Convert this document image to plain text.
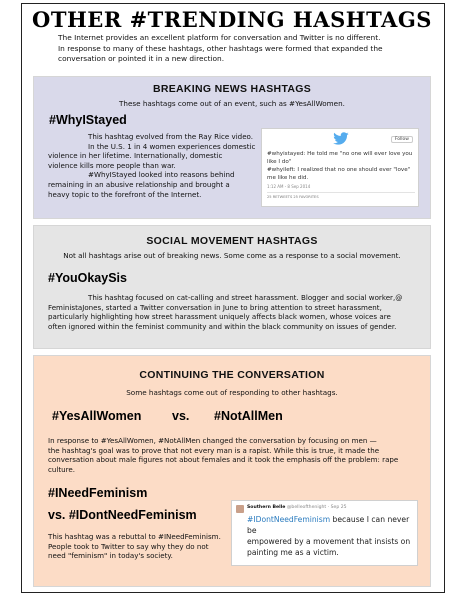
OTHER #TRENDING HASHTAGS

The Internet provides an excellent platform for conversation and Twitter is no different.

In response to many of these hashtags, other hashtags were formed that expanded the

conversation or pointed it in a new direction.

BREAKING NEWS HASHTAGS
These hashtags come out of an event, such as #YesAllWomen.
#WhyIStayed

This hashtag evolved from the Ray Rice video.

In the U.S. 1 in 4 women experiences domestic

violence in her lifetime. Internationally, domestic

violence kills more people than war.

#WhyIStayed looked into reasons behind

remaining in an abusive relationship and brought a

heavy topic to the forefront of the Internet.

Follow
#whyistayed: He told me "no one will ever love you like I do"
#whyileft: I realized that no one should ever "love" me like he did.
1:12 AM - 8 Sep 2014
25 RETWEETS 25 FAVORITES
SOCIAL MOVEMENT HASHTAGS
Not all hashtags arise out of breaking news. Some come as a response to a social movement.
#YouOkaySis

This hashtag focused on cat-calling and street harassment. Blogger and social worker,@

FeministaJones, started a Twitter conversation in June to bring attention to street harassment,

particularly highlighting how street harassment uniquely affects black women, whose voices are

often ignored within the feminist community and within the black community on issues of gender.

CONTINUING THE CONVERSATION
Some hashtags come out of responding to other hashtags.
#YesAllWomen vs. #NotAllMen

In response to #YesAllWomen, #NotAllMen changed the conversation by focusing on men —

the hashtag's goal was to prove that not every man is a rapist. While this is true, it made the

conversation about male figures not about females and it took the emphasis off the problem: rape

culture.

#INeedFeminism
vs. #IDontNeedFeminism

This hashtag was a rebuttal to #INeedFeminism.

People took to Twitter to say why they do not

need "feminism" in today's society.

Southern Belle @belleofthenight · Sep 25
#IDontNeedFeminism because I can never be
empowered by a movement that insists on
painting me as a victim.
